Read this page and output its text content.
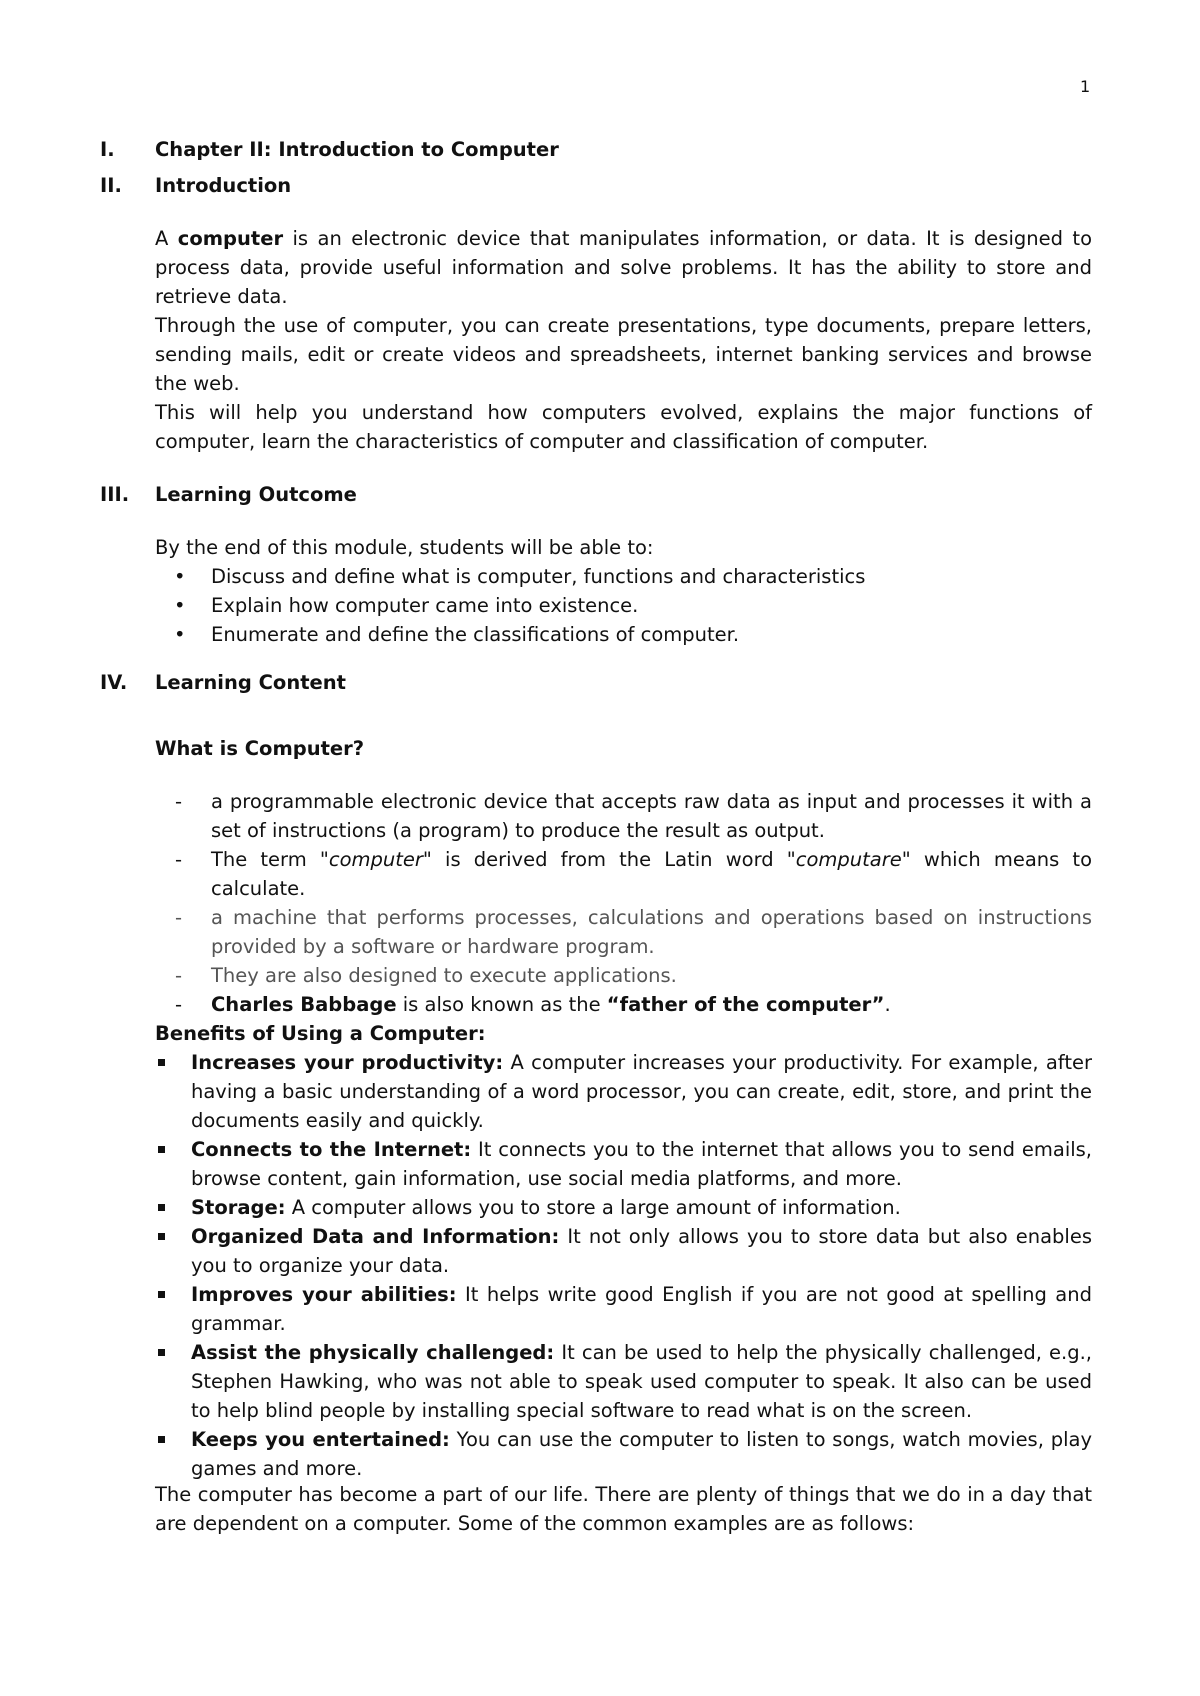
1
I. Chapter II: Introduction to Computer
II. Introduction

A computer is an electronic device that manipulates information, or data. It is designed to process data, provide useful information and solve problems. It has the ability to store and retrieve data.

Through the use of computer, you can create presentations, type documents, prepare letters, sending mails, edit or create videos and spreadsheets, internet banking services and browse the web.

This will help you understand how computers evolved, explains the major functions of computer, learn the characteristics of computer and classification of computer.

III. Learning Outcome

By the end of this module, students will be able to:

• Discuss and define what is computer, functions and characteristics
• Explain how computer came into existence.
• Enumerate and define the classifications of computer.
IV. Learning Content
What is Computer?
- a programmable electronic device that accepts raw data as input and processes it with a set of instructions (a program) to produce the result as output.
- The term "computer" is derived from the Latin word "computare" which means to calculate.
- a machine that performs processes, calculations and operations based on instructions provided by a software or hardware program.
- They are also designed to execute applications.
- Charles Babbage is also known as the “father of the computer”.

Benefits of Using a Computer:

Increases your productivity: A computer increases your productivity. For example, after having a basic understanding of a word processor, you can create, edit, store, and print the documents easily and quickly.
Connects to the Internet: It connects you to the internet that allows you to send emails, browse content, gain information, use social media platforms, and more.
Storage: A computer allows you to store a large amount of information.
Organized Data and Information: It not only allows you to store data but also enables you to organize your data.
Improves your abilities: It helps write good English if you are not good at spelling and grammar.
Assist the physically challenged: It can be used to help the physically challenged, e.g., Stephen Hawking, who was not able to speak used computer to speak. It also can be used to help blind people by installing special software to read what is on the screen.
Keeps you entertained: You can use the computer to listen to songs, watch movies, play games and more.

The computer has become a part of our life. There are plenty of things that we do in a day that are dependent on a computer. Some of the common examples are as follows:
